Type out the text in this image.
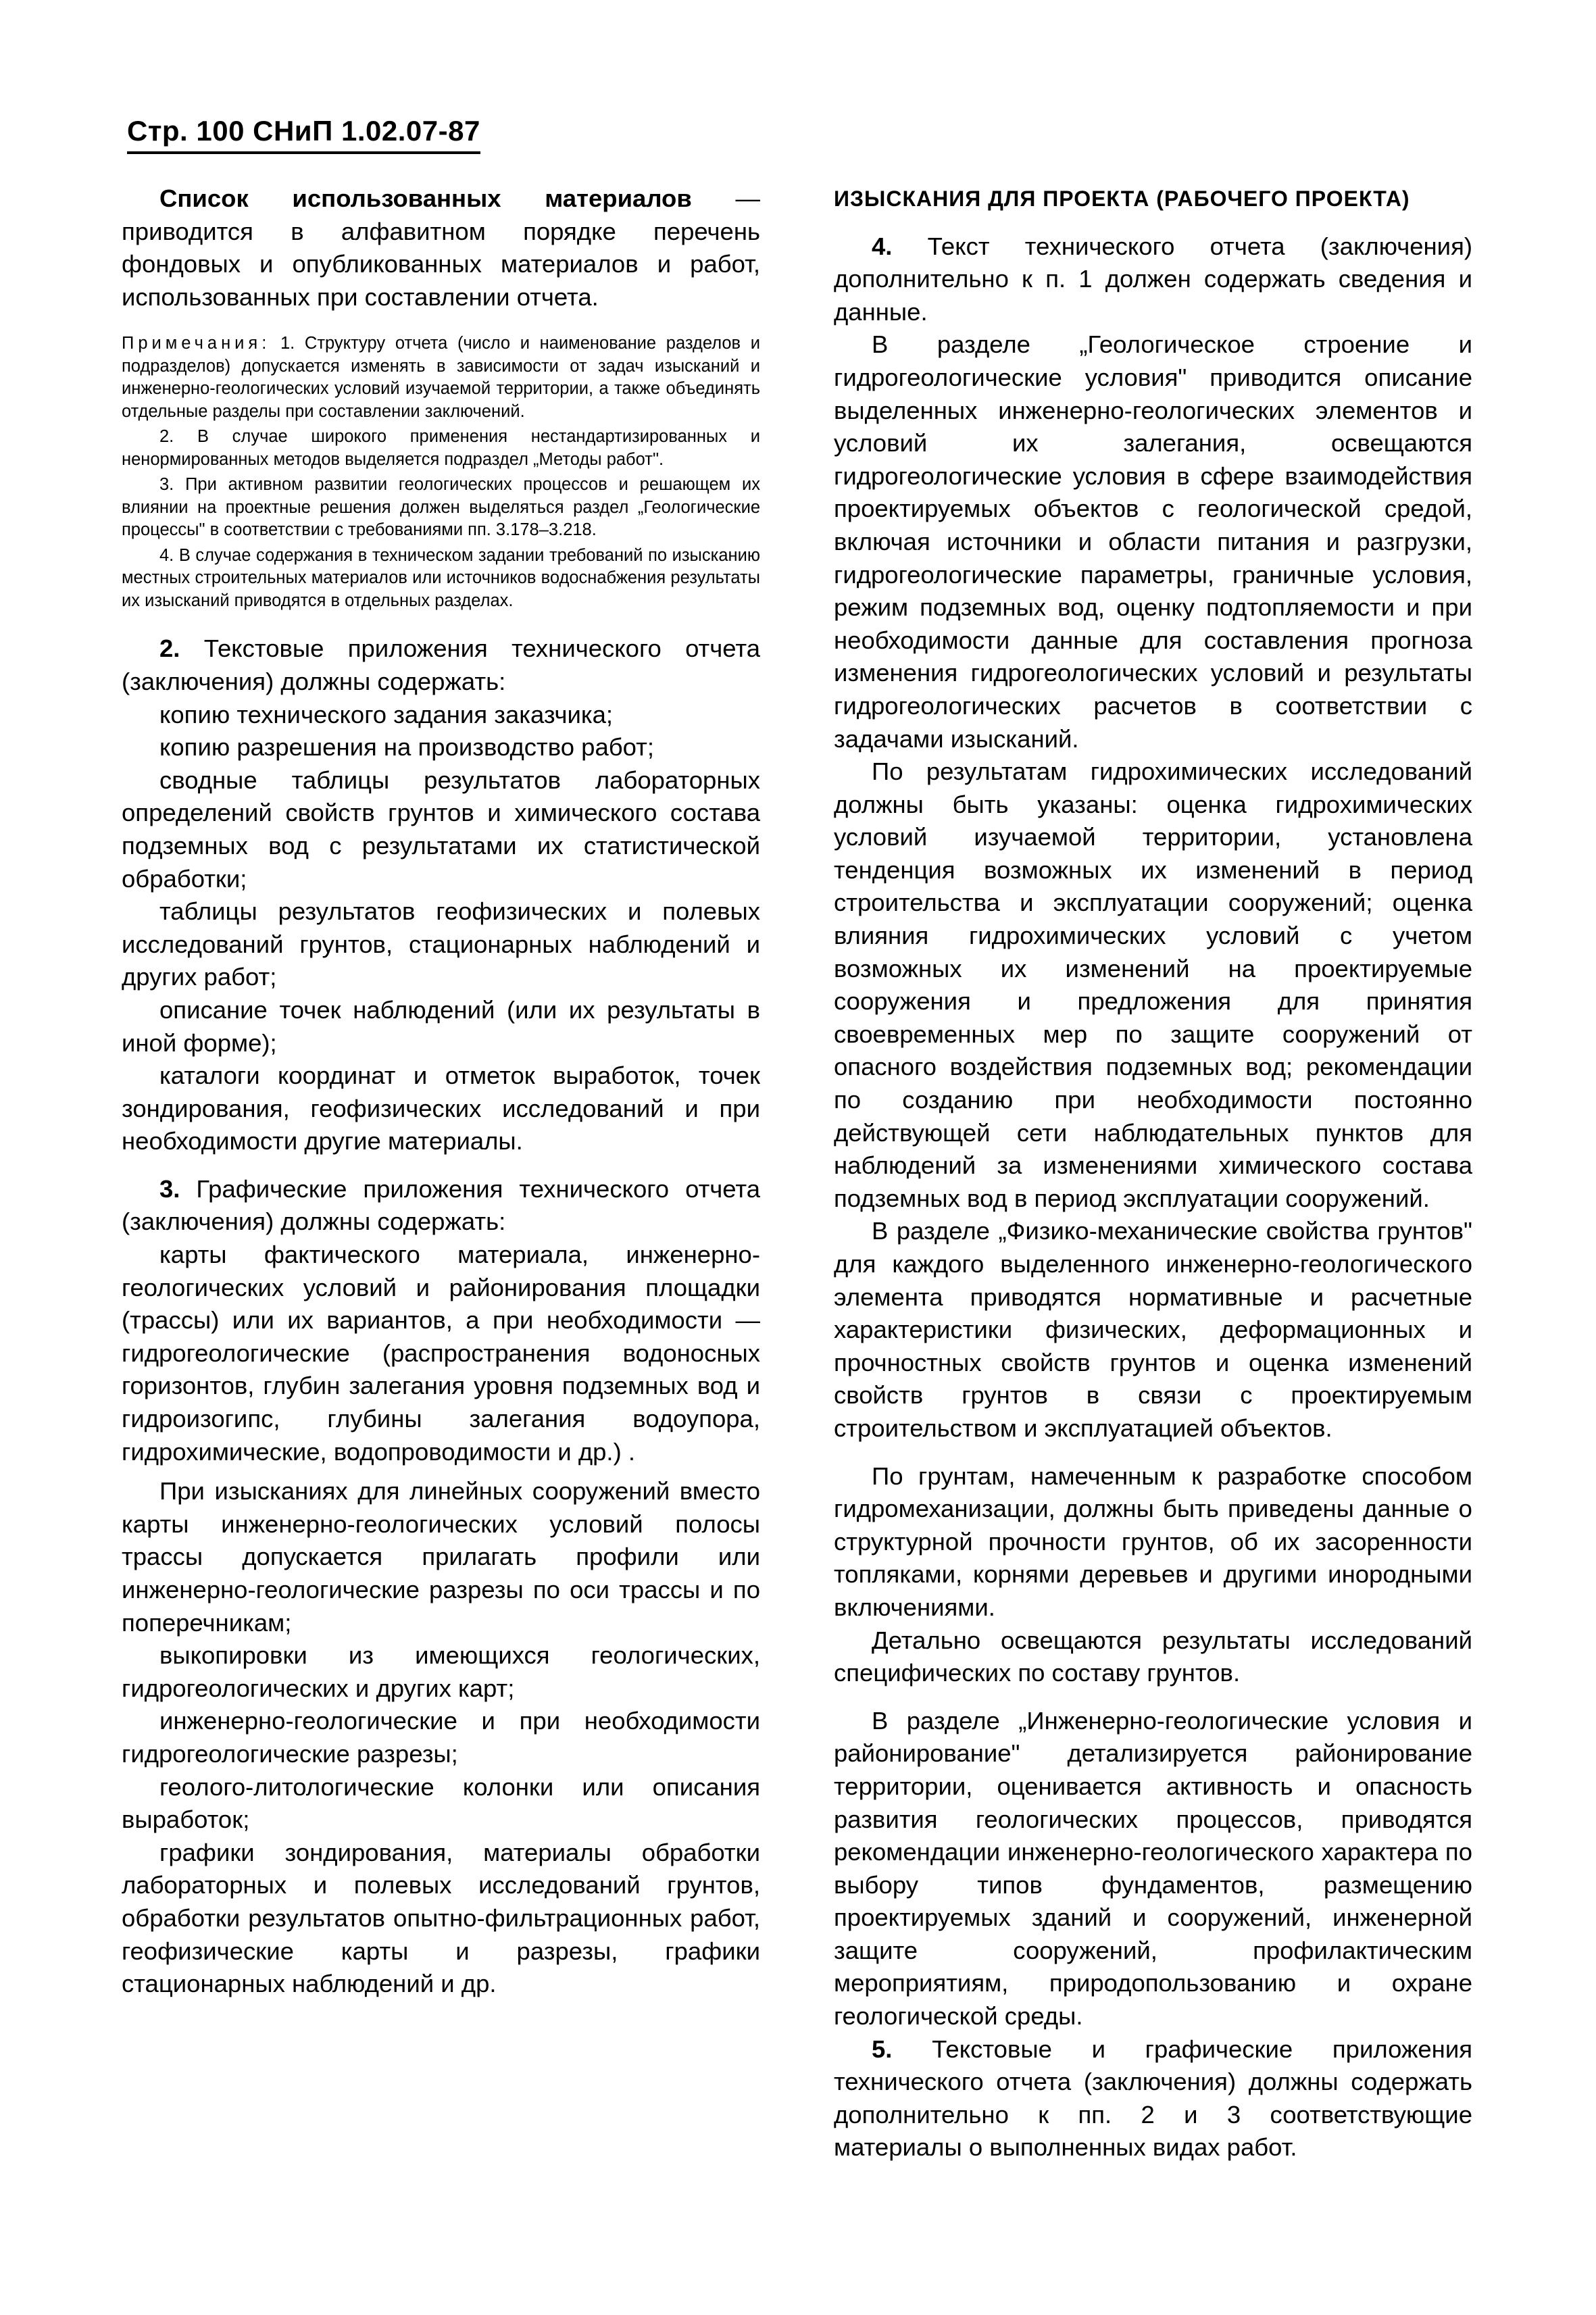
Стр. 100 СНиП 1.02.07-87

Список использованных материалов — приводится в алфавитном порядке перечень фондовых и опубликованных материалов и работ, использованных при составлении отчета.

Примечания: 1. Структуру отчета (число и наименование разделов и подразделов) допускается изменять в зависимости от задач изысканий и инженерно-геологических условий изучаемой территории, а также объединять отдельные разделы при составлении заключений.

2. В случае широкого применения нестандартизированных и ненормированных методов выделяется подраздел „Методы работ".

3. При активном развитии геологических процессов и решающем их влиянии на проектные решения должен выделяться раздел „Геологические процессы" в соответствии с требованиями пп. 3.178–3.218.

4. В случае содержания в техническом задании требований по изысканию местных строительных материалов или источников водоснабжения результаты их изысканий приводятся в отдельных разделах.

2. Текстовые приложения технического отчета (заключения) должны содержать:

копию технического задания заказчика;

копию разрешения на производство работ;

сводные таблицы результатов лабораторных определений свойств грунтов и химического состава подземных вод с результатами их статистической обработки;

таблицы результатов геофизических и полевых исследований грунтов, стационарных наблюдений и других работ;

описание точек наблюдений (или их результаты в иной форме);

каталоги координат и отметок выработок, точек зондирования, геофизических исследований и при необходимости другие материалы.

3. Графические приложения технического отчета (заключения) должны содержать:

карты фактического материала, инженерно-геологических условий и районирования площадки (трассы) или их вариантов, а при необходимости — гидрогеологические (распространения водоносных горизонтов, глубин залегания уровня подземных вод и гидроизогипс, глубины залегания водоупора, гидрохимические, водопроводимости и др.) .

При изысканиях для линейных сооружений вместо карты инженерно-геологических условий полосы трассы допускается прилагать профили или инженерно-геологические разрезы по оси трассы и по поперечникам;

выкопировки из имеющихся геологических, гидрогеологических и других карт;

инженерно-геологические и при необходимости гидрогеологические разрезы;

геолого-литологические колонки или описания выработок;

графики зондирования, материалы обработки лабораторных и полевых исследований грунтов, обработки результатов опытно-фильтрационных работ, геофизические карты и разрезы, графики стационарных наблюдений и др.

ИЗЫСКАНИЯ ДЛЯ ПРОЕКТА (РАБОЧЕГО ПРОЕКТА)

4. Текст технического отчета (заключения) дополнительно к п. 1 должен содержать сведения и данные.

В разделе „Геологическое строение и гидрогеологические условия" приводится описание выделенных инженерно-геологических элементов и условий их залегания, освещаются гидрогеологические условия в сфере взаимодействия проектируемых объектов с геологической средой, включая источники и области питания и разгрузки, гидрогеологические параметры, граничные условия, режим подземных вод, оценку подтопляемости и при необходимости данные для составления прогноза изменения гидрогеологических условий и результаты гидрогеологических расчетов в соответствии с задачами изысканий.

По результатам гидрохимических исследований должны быть указаны: оценка гидрохимических условий изучаемой территории, установлена тенденция возможных их изменений в период строительства и эксплуатации сооружений; оценка влияния гидрохимических условий с учетом возможных их изменений на проектируемые сооружения и предложения для принятия своевременных мер по защите сооружений от опасного воздействия подземных вод; рекомендации по созданию при необходимости постоянно действующей сети наблюдательных пунктов для наблюдений за изменениями химического состава подземных вод в период эксплуатации сооружений.

В разделе „Физико-механические свойства грунтов" для каждого выделенного инженерно-геологического элемента приводятся нормативные и расчетные характеристики физических, деформационных и прочностных свойств грунтов и оценка изменений свойств грунтов в связи с проектируемым строительством и эксплуатацией объектов.

По грунтам, намеченным к разработке способом гидромеханизации, должны быть приведены данные о структурной прочности грунтов, об их засоренности топляками, корнями деревьев и другими инородными включениями.

Детально освещаются результаты исследований специфических по составу грунтов.

В разделе „Инженерно-геологические условия и районирование" детализируется районирование территории, оценивается активность и опасность развития геологических процессов, приводятся рекомендации инженерно-геологического характера по выбору типов фундаментов, размещению проектируемых зданий и сооружений, инженерной защите сооружений, профилактическим мероприятиям, природопользованию и охране геологической среды.

5. Текстовые и графические приложения технического отчета (заключения) должны содержать дополнительно к пп. 2 и 3 соответствующие материалы о выполненных видах работ.
